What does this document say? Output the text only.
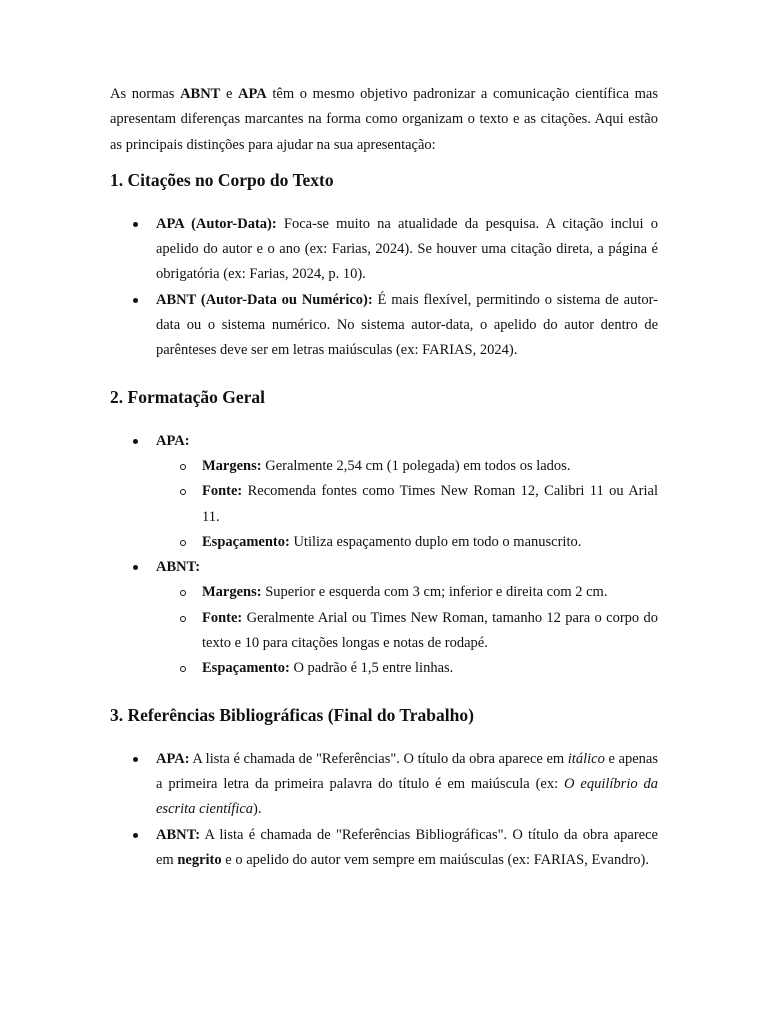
As normas ABNT e APA têm o mesmo objetivo padronizar a comunicação científica mas apresentam diferenças marcantes na forma como organizam o texto e as citações. Aqui estão as principais distinções para ajudar na sua apresentação:

1. Citações no Corpo do Texto
APA (Autor-Data): Foca-se muito na atualidade da pesquisa. A citação inclui o apelido do autor e o ano (ex: Farias, 2024). Se houver uma citação direta, a página é obrigatória (ex: Farias, 2024, p. 10).
ABNT (Autor-Data ou Numérico): É mais flexível, permitindo o sistema de autor-data ou o sistema numérico. No sistema autor-data, o apelido do autor dentro de parênteses deve ser em letras maiúsculas (ex: FARIAS, 2024).
2. Formatação Geral
APA:
Margens: Geralmente 2,54 cm (1 polegada) em todos os lados.
Fonte: Recomenda fontes como Times New Roman 12, Calibri 11 ou Arial 11.
Espaçamento: Utiliza espaçamento duplo em todo o manuscrito.
ABNT:
Margens: Superior e esquerda com 3 cm; inferior e direita com 2 cm.
Fonte: Geralmente Arial ou Times New Roman, tamanho 12 para o corpo do texto e 10 para citações longas e notas de rodapé.
Espaçamento: O padrão é 1,5 entre linhas.
3. Referências Bibliográficas (Final do Trabalho)
APA: A lista é chamada de "Referências". O título da obra aparece em itálico e apenas a primeira letra da primeira palavra do título é em maiúscula (ex: O equilíbrio da escrita científica).
ABNT: A lista é chamada de "Referências Bibliográficas". O título da obra aparece em negrito e o apelido do autor vem sempre em maiúsculas (ex: FARIAS, Evandro).
